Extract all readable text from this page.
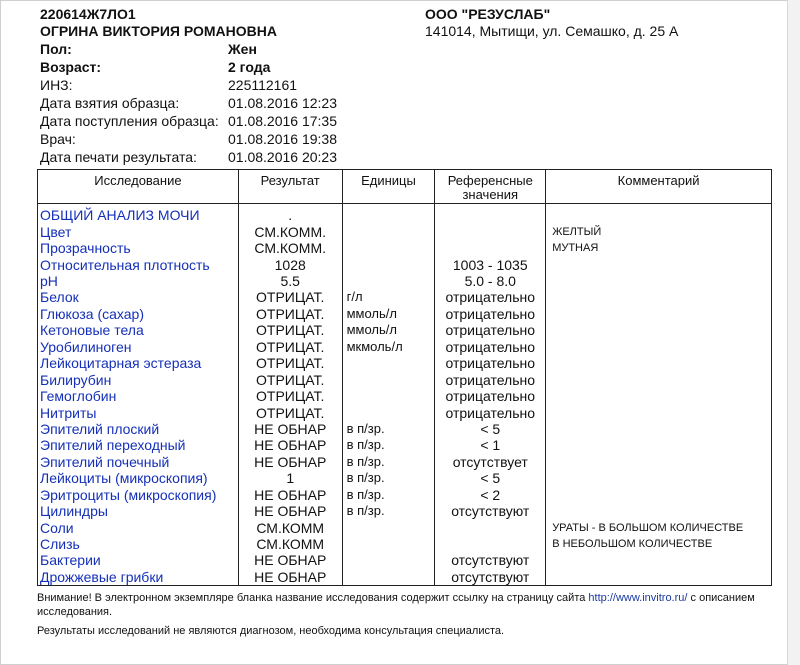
220614Ж7ЛО1
ОГРИНА ВИКТОРИЯ РОМАНОВНА
ООО "РЕЗУСЛАБ"
141014, Мытищи, ул. Семашко, д. 25 А
Пол:	Жен
Возраст:	2 года
ИНЗ:	225112161
Дата взятия образца:	01.08.2016 12:23
Дата поступления образца: 01.08.2016 17:35
Врач:	01.08.2016 19:38
Дата печати результата: 01.08.2016 20:23
Исследование	Результат	Единицы	Референсные
значения	Комментарий
ОБЩИЙ АНАЛИЗ МОЧИ	.			
Цвет	СМ.КОММ.			ЖЕЛТЫЙ
Прозрачность	СМ.КОММ.			МУТНАЯ
Относительная плотность	1028		1003 - 1035	
pH	5.5		5.0 - 8.0	
Белок	ОТРИЦАТ.	г/л	отрицательно	
Глюкоза (сахар)	ОТРИЦАТ.	ммоль/л	отрицательно	
Кетоновые тела	ОТРИЦАТ.	ммоль/л	отрицательно	
Уробилиноген	ОТРИЦАТ.	мкмоль/л	отрицательно	
Лейкоцитарная эстераза	ОТРИЦАТ.		отрицательно	
Билирубин	ОТРИЦАТ.		отрицательно	
Гемоглобин	ОТРИЦАТ.		отрицательно	
Нитриты	ОТРИЦАТ.		отрицательно	
Эпителий плоский	НЕ ОБНАР	в п/зр.	< 5	
Эпителий переходный	НЕ ОБНАР	в п/зр.	< 1	
Эпителий почечный	НЕ ОБНАР	в п/зр.	отсутствует	
Лейкоциты (микроскопия)	1	в п/зр.	< 5	
Эритроциты (микроскопия)	НЕ ОБНАР	в п/зр.	< 2	
Цилиндры	НЕ ОБНАР	в п/зр.	отсутствуют	
Соли	СМ.КОММ			УРАТЫ - В БОЛЬШОМ КОЛИЧЕСТВЕ
Слизь	СМ.КОММ			В НЕБОЛЬШОМ КОЛИЧЕСТВЕ
Бактерии	НЕ ОБНАР		отсутствуют	
Дрожжевые грибки	НЕ ОБНАР		отсутствуют	
Внимание! В электронном экземпляре бланка название исследования содержит ссылку на страницу сайта http://www.invitro.ru/ с описанием исследования.
Результаты исследований не являются диагнозом, необходима консультация специалиста.
